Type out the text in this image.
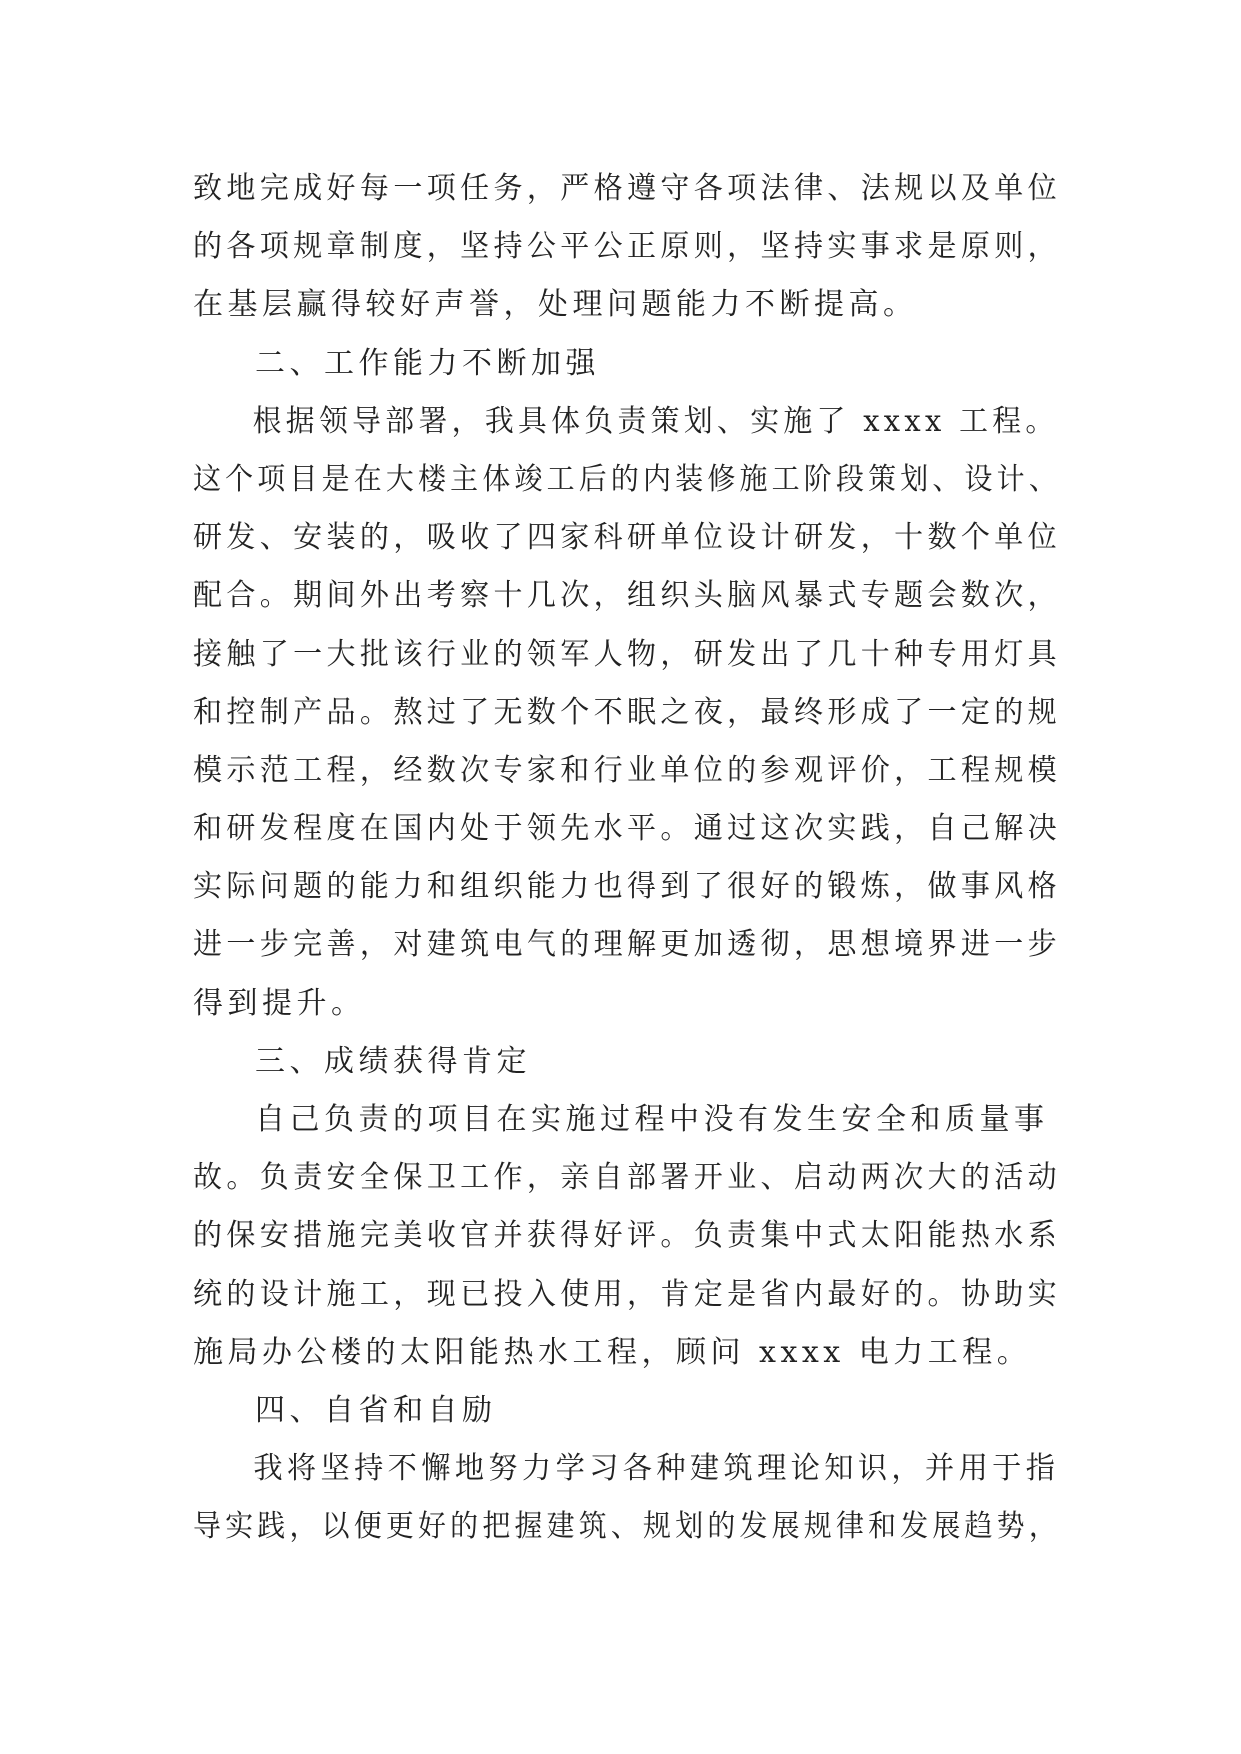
致地完成好每一项任务，严格遵守各项法律、法规以及单位
的各项规章制度，坚持公平公正原则，坚持实事求是原则，
在基层赢得较好声誉，处理问题能力不断提高。
二、工作能力不断加强
根据领导部署，我具体负责策划、实施了 xxxx 工程。
这个项目是在大楼主体竣工后的内装修施工阶段策划、设计、
研发、安装的，吸收了四家科研单位设计研发，十数个单位
配合。期间外出考察十几次，组织头脑风暴式专题会数次，
接触了一大批该行业的领军人物，研发出了几十种专用灯具
和控制产品。熬过了无数个不眠之夜，最终形成了一定的规
模示范工程，经数次专家和行业单位的参观评价，工程规模
和研发程度在国内处于领先水平。通过这次实践，自己解决
实际问题的能力和组织能力也得到了很好的锻炼，做事风格
进一步完善，对建筑电气的理解更加透彻，思想境界进一步
得到提升。
三、成绩获得肯定
自己负责的项目在实施过程中没有发生安全和质量事
故。负责安全保卫工作，亲自部署开业、启动两次大的活动
的保安措施完美收官并获得好评。负责集中式太阳能热水系
统的设计施工，现已投入使用，肯定是省内最好的。协助实
施局办公楼的太阳能热水工程，顾问 xxxx 电力工程。
四、自省和自励
我将坚持不懈地努力学习各种建筑理论知识，并用于指
导实践，以便更好的把握建筑、规划的发展规律和发展趋势，
